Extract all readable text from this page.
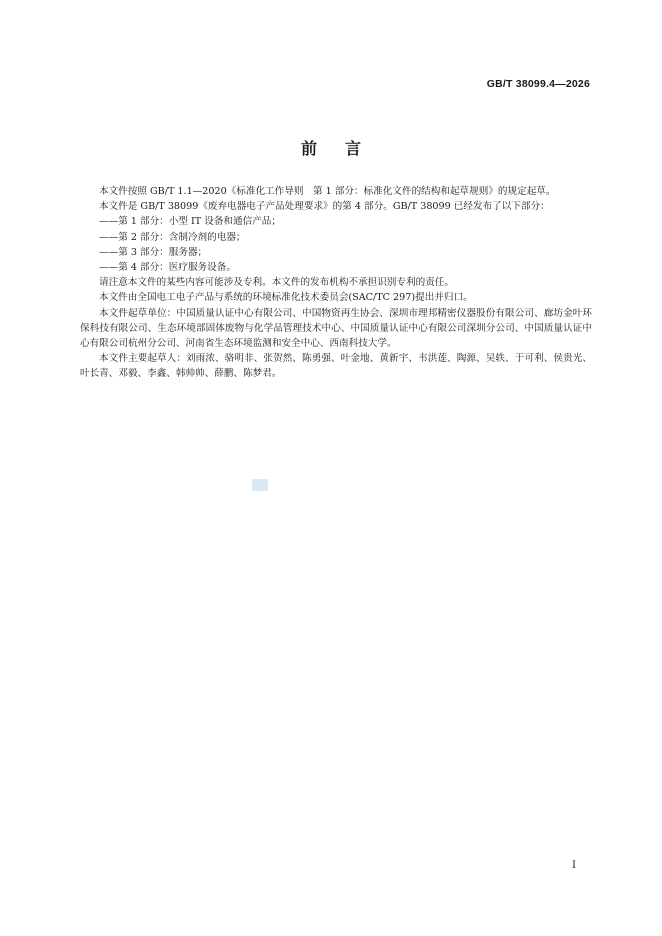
GB/T 38099.4—2026
前言

本文件按照 GB/T 1.1—2020《标准化工作导则　第 1 部分：标准化文件的结构和起草规则》的规定起草。

本文件是 GB/T 38099《废弃电器电子产品处理要求》的第 4 部分。GB/T 38099 已经发布了以下部分：

——第 1 部分：小型 IT 设备和通信产品；

——第 2 部分：含制冷剂的电器；

——第 3 部分：服务器；

——第 4 部分：医疗服务设备。

请注意本文件的某些内容可能涉及专利。本文件的发布机构不承担识别专利的责任。

本文件由全国电工电子产品与系统的环境标准化技术委员会(SAC/TC 297)提出并归口。

本文件起草单位：中国质量认证中心有限公司、中国物资再生协会、深圳市理邦精密仪器股份有限公司、廊坊金叶环保科技有限公司、生态环境部固体废物与化学品管理技术中心、中国质量认证中心有限公司深圳分公司、中国质量认证中心有限公司杭州分公司、河南省生态环境监测和安全中心、西南科技大学。

本文件主要起草人：刘雨浓、骆明非、张贺然、陈勇强、叶金地、黄新宇、韦洪莲、陶源、吴轶、于可利、侯贵光、叶长青、邓毅、李鑫、韩帅帅、薛鹏、陈梦君。

I
